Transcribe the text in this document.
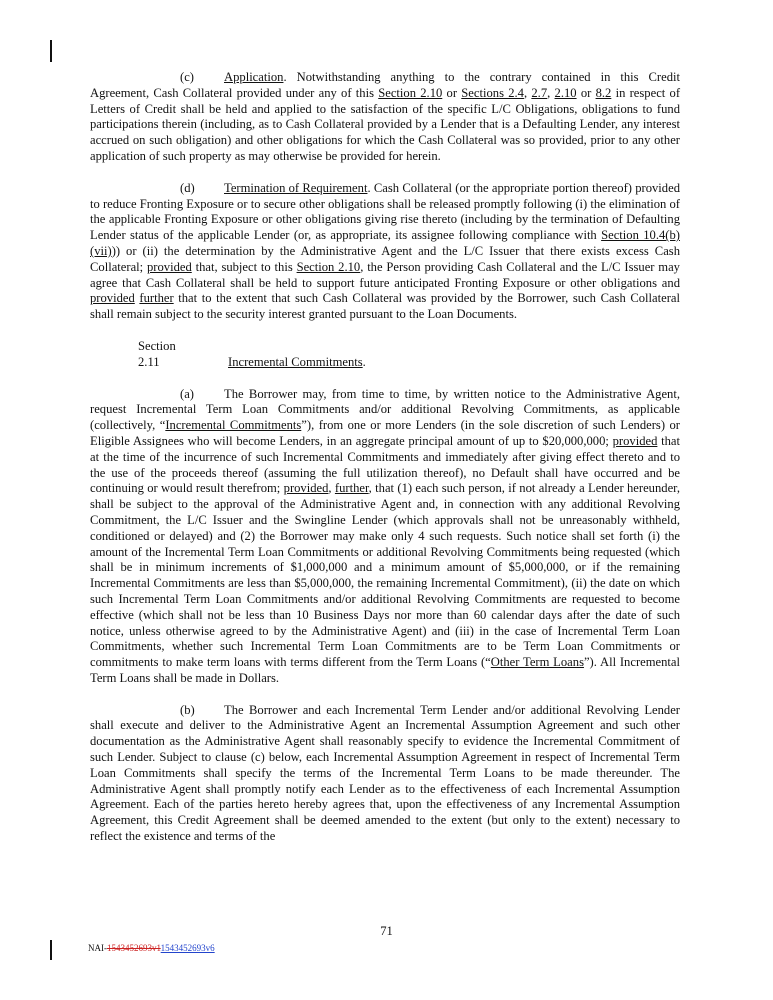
(c) Application. Notwithstanding anything to the contrary contained in this Credit Agreement, Cash Collateral provided under any of this Section 2.10 or Sections 2.4, 2.7, 2.10 or 8.2 in respect of Letters of Credit shall be held and applied to the satisfaction of the specific L/C Obligations, obligations to fund participations therein (including, as to Cash Collateral provided by a Lender that is a Defaulting Lender, any interest accrued on such obligation) and other obligations for which the Cash Collateral was so provided, prior to any other application of such property as may otherwise be provided for herein.

(d) Termination of Requirement. Cash Collateral (or the appropriate portion thereof) provided to reduce Fronting Exposure or to secure other obligations shall be released promptly following (i) the elimination of the applicable Fronting Exposure or other obligations giving rise thereto (including by the termination of Defaulting Lender status of the applicable Lender (or, as appropriate, its assignee following compliance with Section 10.4(b)(vii))) or (ii) the determination by the Administrative Agent and the L/C Issuer that there exists excess Cash Collateral; provided that, subject to this Section 2.10, the Person providing Cash Collateral and the L/C Issuer may agree that Cash Collateral shall be held to support future anticipated Fronting Exposure or other obligations and provided further that to the extent that such Cash Collateral was provided by the Borrower, such Cash Collateral shall remain subject to the security interest granted pursuant to the Loan Documents.

Section 2.11	Incremental Commitments.

(a) The Borrower may, from time to time, by written notice to the Administrative Agent, request Incremental Term Loan Commitments and/or additional Revolving Commitments, as applicable (collectively, “Incremental Commitments”), from one or more Lenders (in the sole discretion of such Lenders) or Eligible Assignees who will become Lenders, in an aggregate principal amount of up to $20,000,000; provided that at the time of the incurrence of such Incremental Commitments and immediately after giving effect thereto and to the use of the proceeds thereof (assuming the full utilization thereof), no Default shall have occurred and be continuing or would result therefrom; provided, further, that (1) each such person, if not already a Lender hereunder, shall be subject to the approval of the Administrative Agent and, in connection with any additional Revolving Commitment, the L/C Issuer and the Swingline Lender (which approvals shall not be unreasonably withheld, conditioned or delayed) and (2) the Borrower may make only 4 such requests. Such notice shall set forth (i) the amount of the Incremental Term Loan Commitments or additional Revolving Commitments being requested (which shall be in minimum increments of $1,000,000 and a minimum amount of $5,000,000, or if the remaining Incremental Commitments are less than $5,000,000, the remaining Incremental Commitment), (ii) the date on which such Incremental Term Loan Commitments and/or additional Revolving Commitments are requested to become effective (which shall not be less than 10 Business Days nor more than 60 calendar days after the date of such notice, unless otherwise agreed to by the Administrative Agent) and (iii) in the case of Incremental Term Loan Commitments, whether such Incremental Term Loan Commitments are to be Term Loan Commitments or commitments to make term loans with terms different from the Term Loans (“Other Term Loans”). All Incremental Term Loans shall be made in Dollars.

(b) The Borrower and each Incremental Term Lender and/or additional Revolving Lender shall execute and deliver to the Administrative Agent an Incremental Assumption Agreement and such other documentation as the Administrative Agent shall reasonably specify to evidence the Incremental Commitment of such Lender. Subject to clause (c) below, each Incremental Assumption Agreement in respect of Incremental Term Loan Commitments shall specify the terms of the Incremental Term Loans to be made thereunder. The Administrative Agent shall promptly notify each Lender as to the effectiveness of each Incremental Assumption Agreement. Each of the parties hereto hereby agrees that, upon the effectiveness of any Incremental Assumption Agreement, this Credit Agreement shall be deemed amended to the extent (but only to the extent) necessary to reflect the existence and terms of the

71
NAI-1543452693v11543452693v6
